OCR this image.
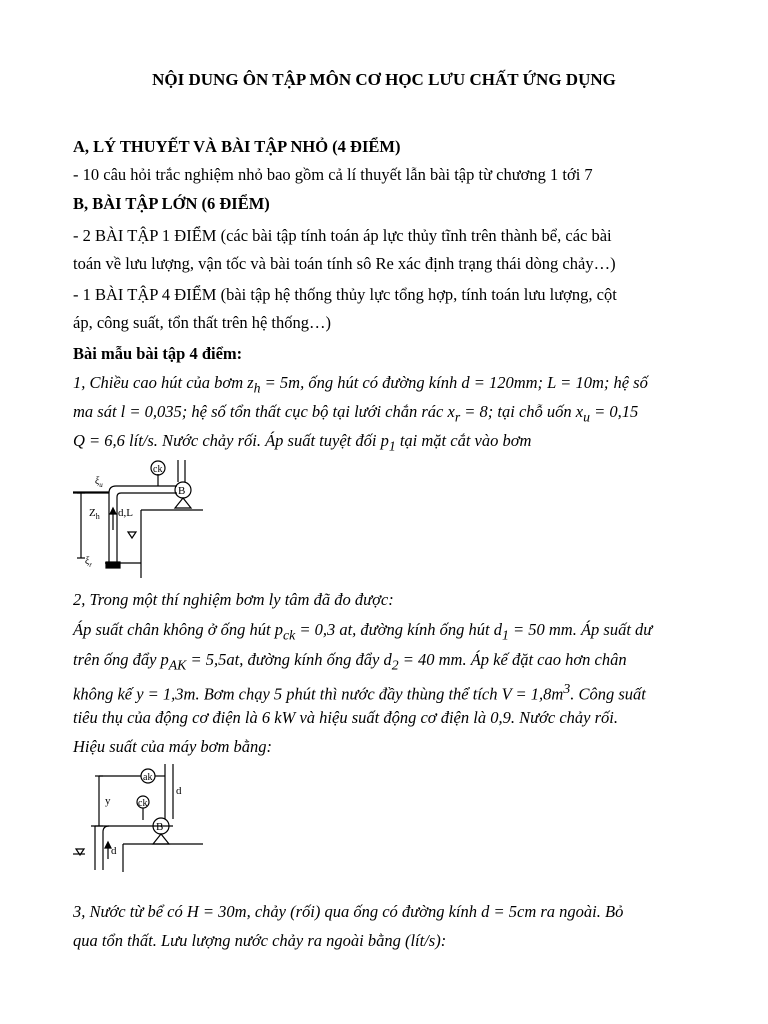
NỘI DUNG ÔN TẬP MÔN CƠ HỌC LƯU CHẤT ỨNG DỤNG
A, LÝ THUYẾT VÀ BÀI TẬP NHỎ (4 ĐIỂM)
- 10 câu hỏi trắc nghiệm nhỏ bao gồm cả lí thuyết lẫn bài tập từ chương 1 tới 7
B, BÀI TẬP LỚN (6 ĐIỂM)
- 2 BÀI TẬP 1 ĐIỂM (các bài tập tính toán áp lực thủy tĩnh trên thành bể, các bài
toán về lưu lượng, vận tốc và bài toán tính sô Re xác định trạng thái dòng chảy…)
- 1 BÀI TẬP 4 ĐIỂM (bài tập hệ thống thủy lực tổng hợp, tính toán lưu lượng, cột
áp, công suất, tổn thất trên hệ thống…)
Bài mẫu bài tập 4 điểm:
1, Chiều cao hút của bơm $z_h = 5m$, ống hút có đường kính d = 120mm; L = 10m; hệ số
ma sát l = 0,035; hệ số tổn thất cục bộ tại lưới chắn rác $x_r = 8$; tại chỗ uốn $x_u = 0,15$
Q = 6,6 lít/s. Nước chảy rối. Áp suất tuyệt đối $p_1$ tại mặt cắt vào bơm
ck
B
$\xi_u$
$Z_h$ d,L
$\xi_r$
2, Trong một thí nghiệm bơm ly tâm đã đo được:
Áp suất chân không ở ống hút $p_{ck} = 0,3$ at, đường kính ống hút $d_1 = 50$ mm. Áp suất dư
trên ống đẩy $p_{AK} = 5,5at$, đường kính ống đẩy $d_2 = 40$ mm. Áp kế đặt cao hơn chân
không kế y = 1,3m. Bơm chạy 5 phút thì nước đầy thùng thể tích $V = 1,8m^3$. Công suất
tiêu thụ của động cơ điện là 6 kW và hiệu suất động cơ điện là 0,9. Nước chảy rối.
Hiệu suất của máy bơm bằng:
ak
y	ck
B
d
d
3, Nước từ bể có H = 30m, chảy (rối) qua ống có đường kính d = 5cm ra ngoài. Bỏ
qua tổn thất. Lưu lượng nước chảy ra ngoài bằng (lít/s):
